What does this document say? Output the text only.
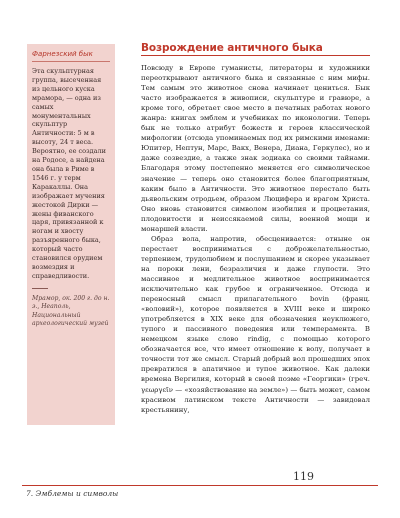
Фарнезский бык
Эта скульптурная группа, высеченная из цельного куска мрамора, — одна из самых монументальных скульптур Античности: 5 м в высоту, 24 т весa. Вероятно, ее создали на Родосе, а найдена она была в Риме в 1546 г. у терм Каракаллы. Она изображает мучения жестокой Дирки — жены фиванского царя, привязанной к ногам и хвосту разъяренного быка, который часто становился орудием возмездия и справедливости.
Мрамор, ок. 200 г. до н. э., Неаполь, Национальный археологический музей
Возрождение античного быка

Повсюду в Европе гуманисты, литераторы и художники переоткрывают античного быка и связанные с ним мифы. Тем самым это животное снова начинает цениться. Бык часто изображается в живописи, скульптуре и гравюре, а кроме того, обретает свое место в печатных работах нового жанра: книгах эмблем и учебниках по иконологии. Теперь бык не только атрибут божеств и героев классической мифологии (отсюда упоминаемых под их римскими именами: Юпитер, Нептун, Марс, Вакх, Венера, Диана, Геркулес), но и даже созвездие, а также знак зодиака со своими тайнами. Благодаря этому постепенно меняется его символическое значение — теперь оно становится более благоприятным, каким было в Античности. Это животное перестало быть дьявольским отродьем, образом Люцифера и врагом Христа. Оно вновь становится символом изобилия и процветания, плодовитости и неиссякаемой силы, военной мощи и монаршей власти.

Образ вола, напротив, обесценивается: отныне он перестает восприниматься с доброжелательностью, терпением, трудолюбием и послушанием и скорее указывает на пороки лени, безразличия и даже глупости. Это массивное и медлительное животное воспринимается исключительно как грубое и ограниченное. Отсюда и переносный смысл прилагательного bovin (франц. «воловий»), которое появляется в XVIII веке и широко употребляется в XIX веке для обозначения неуклюжего, тупого и пассивного поведения или темперамента. В немецком языке слово rindig, с помощью которого обозначается все, что имеет отношение к волу, получает в точности тот же смысл. Старый добрый вол прошедших эпох превратился в апатичное и тупое животное. Как далеки времена Вергилия, который в своей поэме «Георгики» (греч. γεωργεῖν — «хозяйствование на земле») — быть может, самом красивом латинском тексте Античности — завидовал крестьянину,

119
7. Эмблемы и символы
